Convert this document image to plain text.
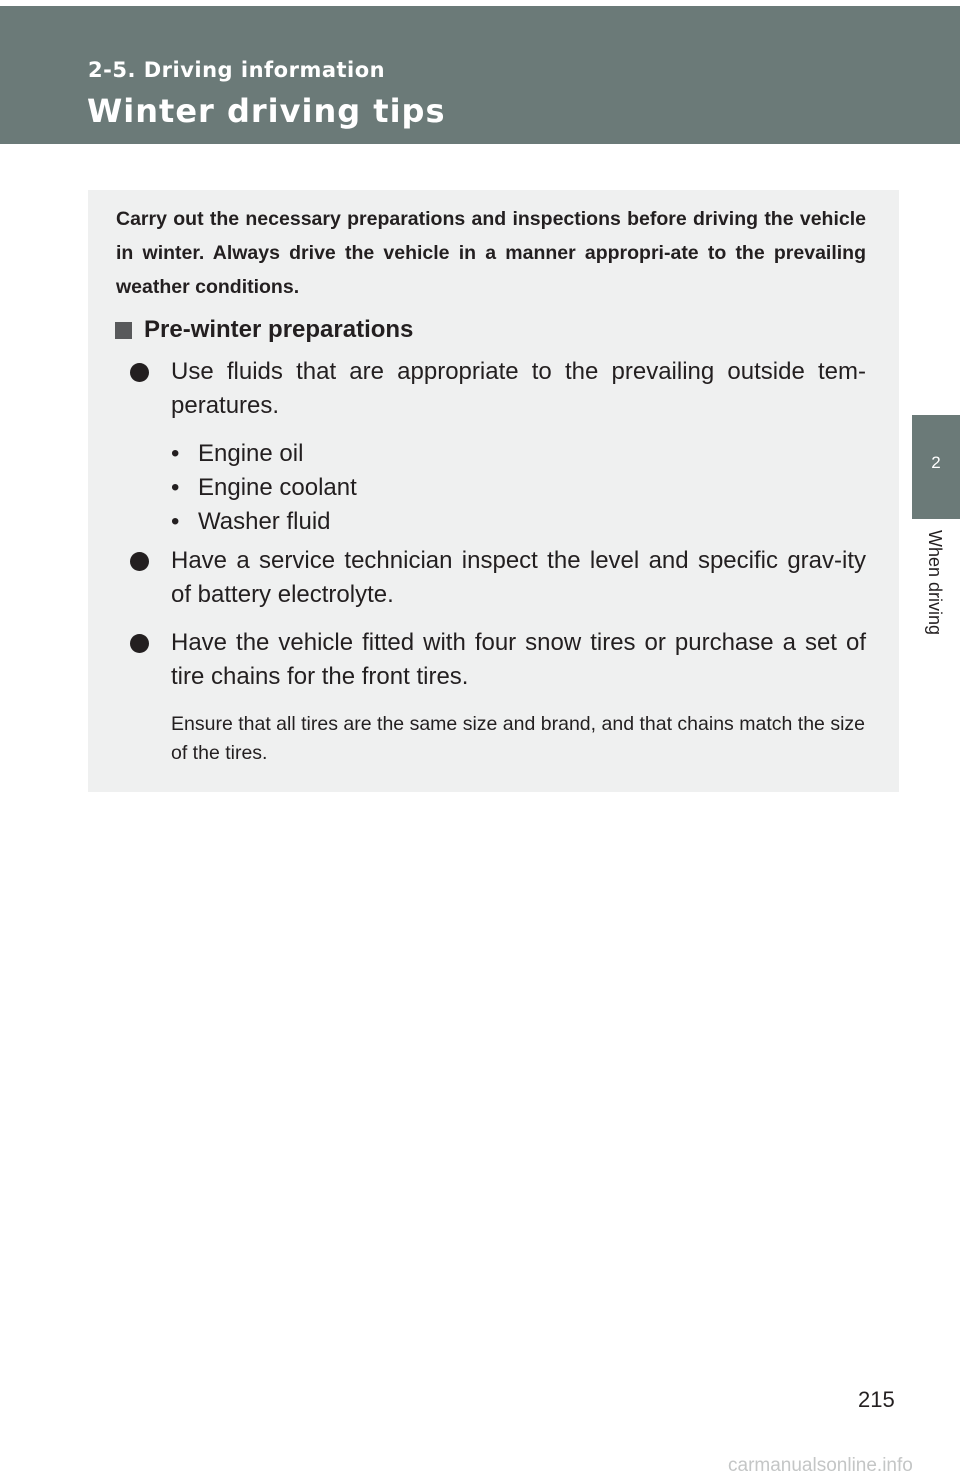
2-5. Driving information
Winter driving tips
2
When driving

Carry out the necessary preparations and inspections before driving the vehicle in winter. Always drive the vehicle in a manner appropri-ate to the prevailing weather conditions.

Pre-winter preparations
Use fluids that are appropriate to the prevailing outside tem-peratures.
• Engine oil
• Engine coolant
• Washer fluid
Have a service technician inspect the level and specific grav-ity of battery electrolyte.
Have the vehicle fitted with four snow tires or purchase a set of tire chains for the front tires.

Ensure that all tires are the same size and brand, and that chains match the size of the tires.

215
carmanualsonline.info
